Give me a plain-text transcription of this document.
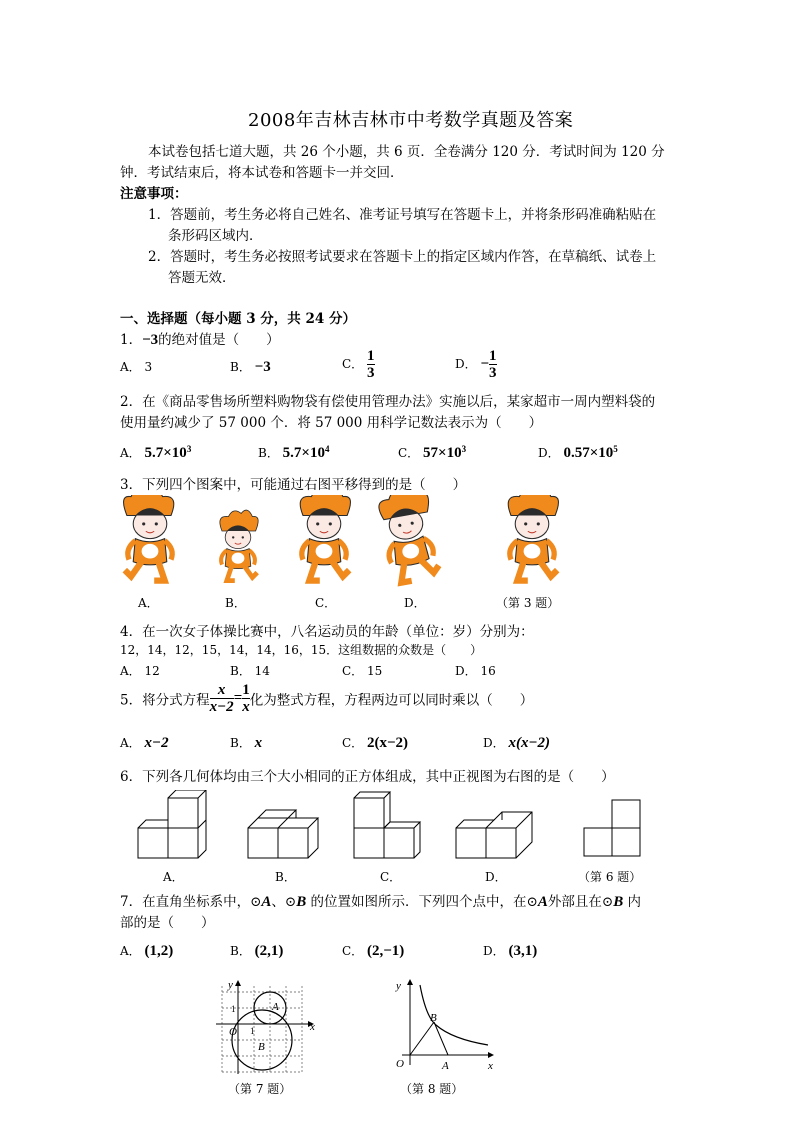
2008年吉林吉林市中考数学真题及答案
本试卷包括七道大题，共 26 个小题，共 6 页．全卷满分 120 分．考试时间为 120 分
钟．考试结束后，将本试卷和答题卡一并交回．
注意事项：
1．答题前，考生务必将自己姓名、准考证号填写在答题卡上，并将条形码准确粘贴在
条形码区域内．
2．答题时，考生务必按照考试要求在答题卡上的指定区域内作答，在草稿纸、试卷上
答题无效．
一、选择题（每小题 3 分，共 24 分）
1．−3的绝对值是（　　）
A． 3	B． −3	C． $\frac{1}{3}$	D． − $\frac{1}{3}$
2．在《商品零售场所塑料购物袋有偿使用管理办法》实施以后，某家超市一周内塑料袋的
使用量约减少了 57 000 个．将 57 000 用科学记数法表示为（　　）
A． $5.7\times 10^3$	B． $5.7\times 10^4$	C． $57\times 10^3$	D． $0.57\times 10^5$
3．下列四个图案中，可能通过右图平移得到的是（　　）
A．	B．	C．	D．	（第 3 题）
4．在一次女子体操比赛中，八名运动员的年龄（单位：岁）分别为：
12，14，12，15，14，14，16，15．这组数据的众数是（　　）
A． 12	B． 14	C． 15	D． 16
5．将分式方程 $\frac{x}{x-2} = \frac{1}{x}$ 化为整式方程，方程两边可以同时乘以（　　）
A． x−2	B． x	C． 2(x−2)	D． x(x−2)
6．下列各几何体均由三个大小相同的正方体组成，其中正视图为右图的是（　　）
A．	B．	C．	D．	（第 6 题）
7．在直角坐标系中，⊙A、⊙B 的位置如图所示．下列四个点中，在⊙A外部且在⊙B 内
部的是（　　）
A． (1,2)	B． (2,1)	C． (2,−1)	D． (3,1)
y
x
O
A
B
1
1
（第 7 题）
y
x
O
B
A
（第 8 题）
